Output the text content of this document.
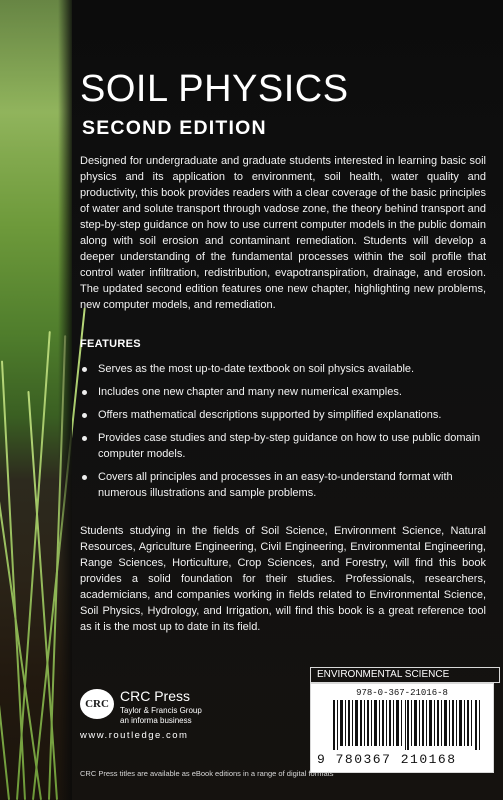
SOIL PHYSICS
SECOND EDITION

Designed for undergraduate and graduate students interested in learning basic soil physics and its application to environment, soil health, water quality and productivity, this book provides readers with a clear coverage of the basic principles of water and solute transport through vadose zone, the theory behind transport and step-by-step guidance on how to use current computer models in the public domain along with soil erosion and contaminant remediation. Students will develop a deeper understanding of the fundamental processes within the soil profile that control water infiltration, redistribution, evapotranspiration, drainage, and erosion. The updated second edition features one new chapter, highlighting new problems, new computer models, and remediation.

FEATURES
Serves as the most up-to-date textbook on soil physics available.
Includes one new chapter and many new numerical examples.
Offers mathematical descriptions supported by simplified explanations.
Provides case studies and step-by-step guidance on how to use public domain computer models.
Covers all principles and processes in an easy-to-understand format with numerous illustrations and sample problems.

Students studying in the fields of Soil Science, Environment Science, Natural Resources, Agriculture Engineering, Civil Engineering, Environmental Engineering, Range Sciences, Horticulture, Crop Sciences, and Forestry, will find this book provides a solid foundation for their studies. Professionals, researchers, academicians, and companies working in fields related to Environmental Science, Soil Physics, Hydrology, and Irrigation, will find this book is a great reference tool as it is the most up to date in its field.

ENVIRONMENTAL SCIENCE
978-0-367-21016-8
9 780367 210168
CRC CRC Press
Taylor & Francis Group
an informa business
www.routledge.com
CRC Press titles are available as eBook editions in a range of digital formats
